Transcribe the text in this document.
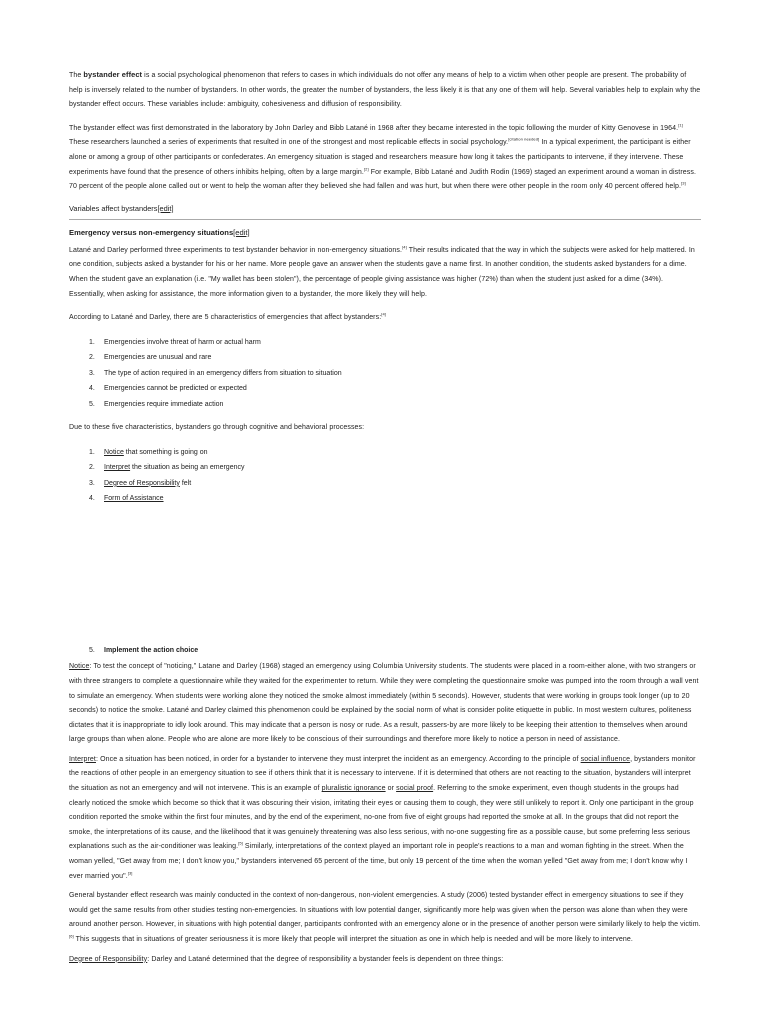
The bystander effect is a social psychological phenomenon that refers to cases in which individuals do not offer any means of help to a victim when other people are present. The probability of help is inversely related to the number of bystanders. In other words, the greater the number of bystanders, the less likely it is that any one of them will help. Several variables help to explain why the bystander effect occurs. These variables include: ambiguity, cohesiveness and diffusion of responsibility.

The bystander effect was first demonstrated in the laboratory by John Darley and Bibb Latané in 1968 after they became interested in the topic following the murder of Kitty Genovese in 1964.[1] These researchers launched a series of experiments that resulted in one of the strongest and most replicable effects in social psychology.[citation needed] In a typical experiment, the participant is either alone or among a group of other participants or confederates. An emergency situation is staged and researchers measure how long it takes the participants to intervene, if they intervene. These experiments have found that the presence of others inhibits helping, often by a large margin.[2] For example, Bibb Latané and Judith Rodin (1969) staged an experiment around a woman in distress. 70 percent of the people alone called out or went to help the woman after they believed she had fallen and was hurt, but when there were other people in the room only 40 percent offered help.[3]

Variables affect bystanders[edit]
Emergency versus non-emergency situations[edit]

Latané and Darley performed three experiments to test bystander behavior in non-emergency situations.[4] Their results indicated that the way in which the subjects were asked for help mattered. In one condition, subjects asked a bystander for his or her name. More people gave an answer when the students gave a name first. In another condition, the students asked bystanders for a dime. When the student gave an explanation (i.e. "My wallet has been stolen"), the percentage of people giving assistance was higher (72%) than when the student just asked for a dime (34%). Essentially, when asking for assistance, the more information given to a bystander, the more likely they will help.

According to Latané and Darley, there are 5 characteristics of emergencies that affect bystanders:[4]

1.	Emergencies involve threat of harm or actual harm
2.	Emergencies are unusual and rare
3.	The type of action required in an emergency differs from situation to situation
4.	Emergencies cannot be predicted or expected
5.	Emergencies require immediate action

Due to these five characteristics, bystanders go through cognitive and behavioral processes:

1.	Notice that something is going on
2.	Interpret the situation as being an emergency
3.	Degree of Responsibility felt
4.	Form of Assistance
5.	Implement the action choice

Notice: To test the concept of "noticing," Latane and Darley (1968) staged an emergency using Columbia University students. The students were placed in a room-either alone, with two strangers or with three strangers to complete a questionnaire while they waited for the experimenter to return. While they were completing the questionnaire smoke was pumped into the room through a wall vent to simulate an emergency. When students were working alone they noticed the smoke almost immediately (within 5 seconds). However, students that were working in groups took longer (up to 20 seconds) to notice the smoke. Latané and Darley claimed this phenomenon could be explained by the social norm of what is consider polite etiquette in public. In most western cultures, politeness dictates that it is inappropriate to idly look around. This may indicate that a person is nosy or rude. As a result, passers-by are more likely to be keeping their attention to themselves when around large groups than when alone. People who are alone are more likely to be conscious of their surroundings and therefore more likely to notice a person in need of assistance.

Interpret: Once a situation has been noticed, in order for a bystander to intervene they must interpret the incident as an emergency. According to the principle of social influence, bystanders monitor the reactions of other people in an emergency situation to see if others think that it is necessary to intervene. If it is determined that others are not reacting to the situation, bystanders will interpret the situation as not an emergency and will not intervene. This is an example of pluralistic ignorance or social proof. Referring to the smoke experiment, even though students in the groups had clearly noticed the smoke which become so thick that it was obscuring their vision, irritating their eyes or causing them to cough, they were still unlikely to report it. Only one participant in the group condition reported the smoke within the first four minutes, and by the end of the experiment, no-one from five of eight groups had reported the smoke at all. In the groups that did not report the smoke, the interpretations of its cause, and the likelihood that it was genuinely threatening was also less serious, with no-one suggesting fire as a possible cause, but some preferring less serious explanations such as the air-conditioner was leaking.[5] Similarly, interpretations of the context played an important role in people's reactions to a man and woman fighting in the street. When the woman yelled, "Get away from me; I don't know you," bystanders intervened 65 percent of the time, but only 19 percent of the time when the woman yelled "Get away from me; I don't know why I ever married you".[3]

General bystander effect research was mainly conducted in the context of non-dangerous, non-violent emergencies. A study (2006) tested bystander effect in emergency situations to see if they would get the same results from other studies testing non-emergencies. In situations with low potential danger, significantly more help was given when the person was alone than when they were around another person. However, in situations with high potential danger, participants confronted with an emergency alone or in the presence of another person were similarly likely to help the victim.[6] This suggests that in situations of greater seriousness it is more likely that people will interpret the situation as one in which help is needed and will be more likely to intervene.

Degree of Responsibility: Darley and Latané determined that the degree of responsibility a bystander feels is dependent on three things:
